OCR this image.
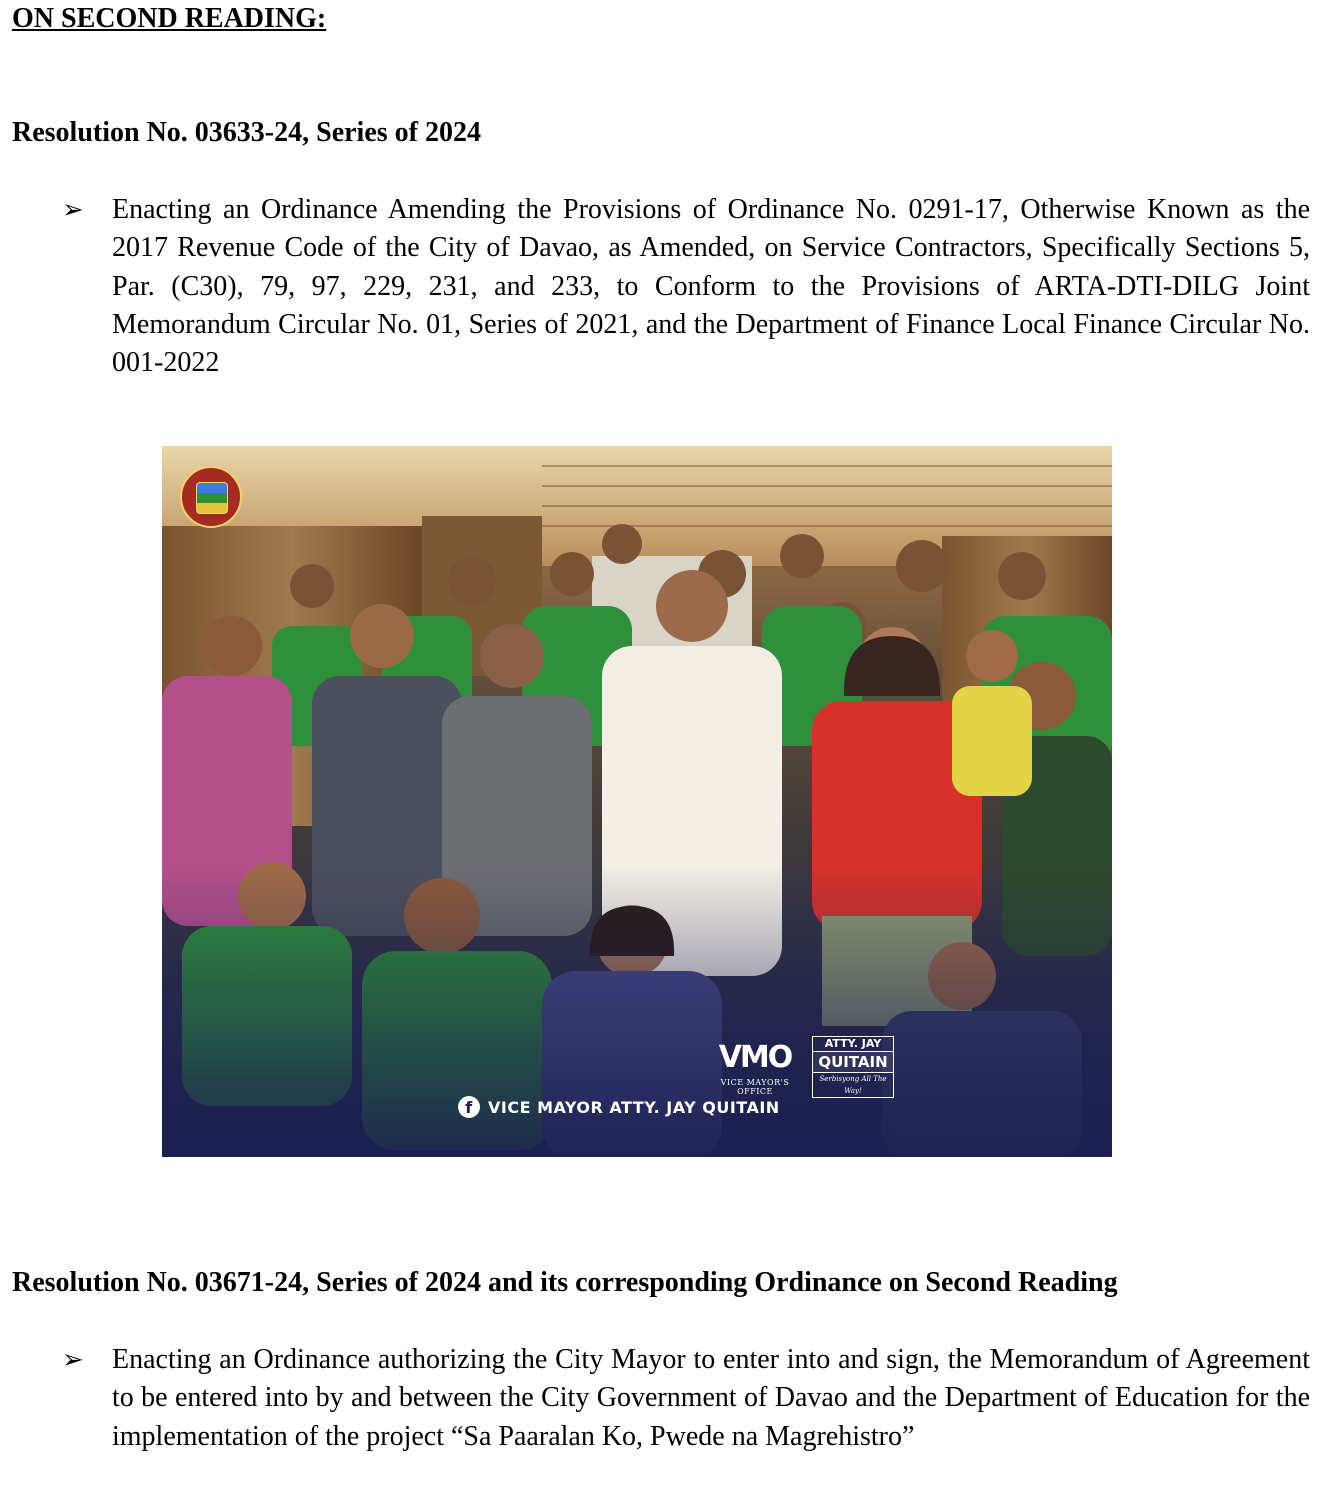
ON SECOND READING:
Resolution No. 03633-24, Series of 2024
➢	Enacting an Ordinance Amending the Provisions of Ordinance No. 0291-17, Otherwise Known as the 2017 Revenue Code of the City of Davao, as Amended, on Service Contractors, Specifically Sections 5, Par. (C30), 79, 97, 229, 231, and 233, to Conform to the Provisions of ARTA-DTI-DILG Joint Memorandum Circular No. 01, Series of 2021, and the Department of Finance Local Finance Circular No. 001-2022

VMO
VICE MAYOR'S OFFICE
ATTY. JAY
QUITAIN
Serbisyong All The Way!
f VICE MAYOR ATTY. JAY QUITAIN
Resolution No. 03671-24, Series of 2024 and its corresponding Ordinance on Second Reading
➢	Enacting an Ordinance authorizing the City Mayor to enter into and sign, the Memorandum of Agreement to be entered into by and between the City Government of Davao and the Department of Education for the implementation of the project “Sa Paaralan Ko, Pwede na Magrehistro”
